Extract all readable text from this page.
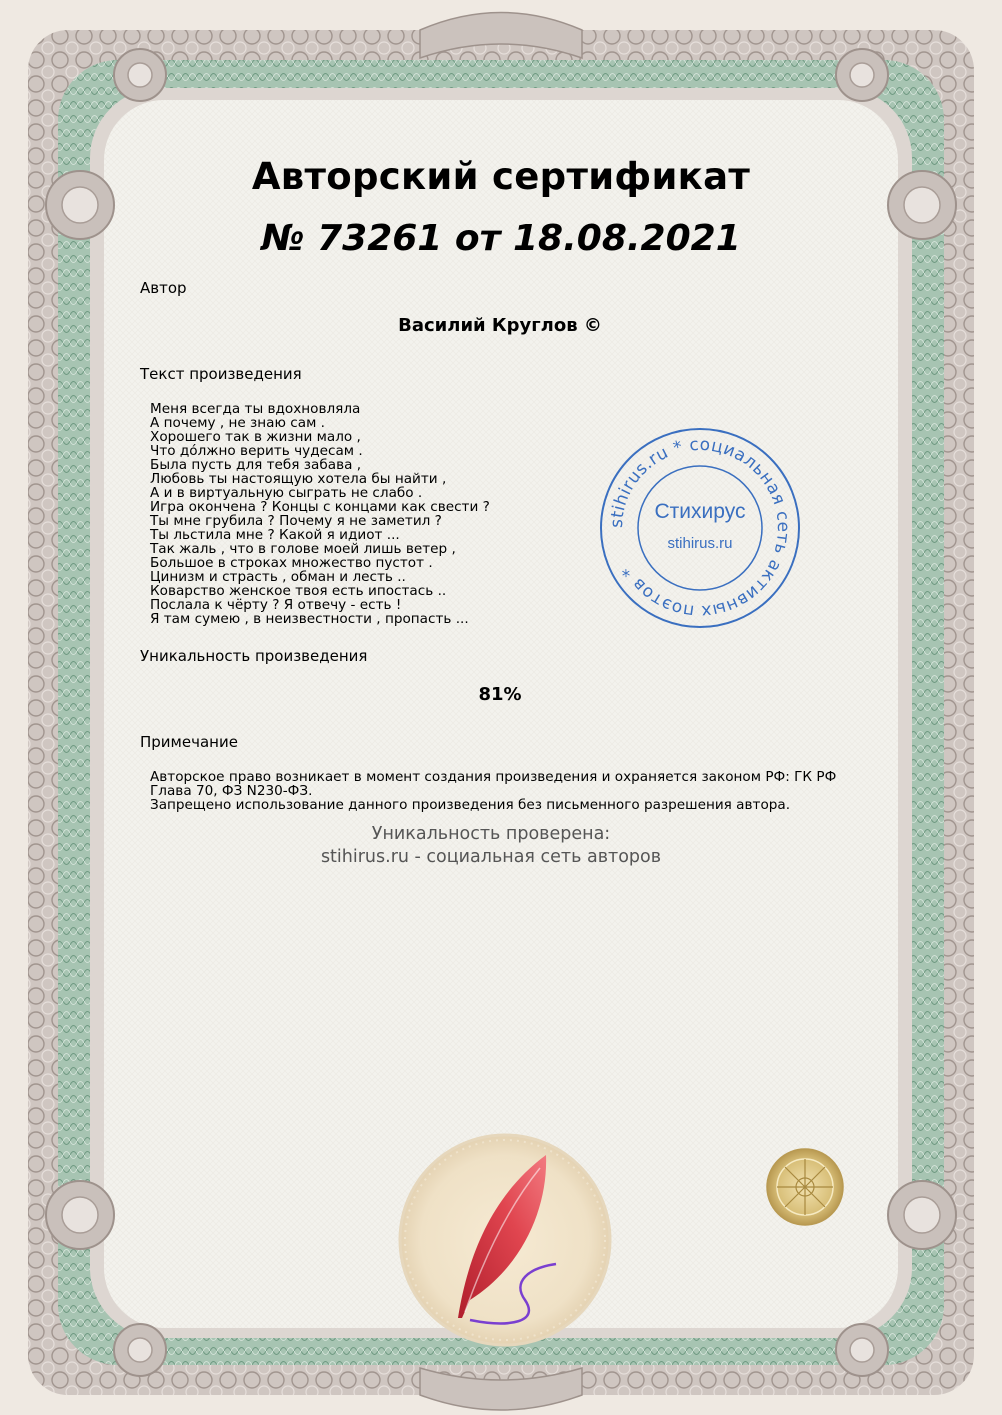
Авторский сертификат
№ 73261 от 18.08.2021
Автор
Василий Круглов ©
Текст произведения
Меня всегда ты вдохновляла
А почему , не знаю сам .
Хорошего так в жизни мало ,
Что до́лжно верить чудесам .
Была пусть для тебя забава ,
Любовь ты настоящую хотела бы найти ,
А и в виртуальную сыграть не слабо .
Игра окончена ? Концы с концами как свести ?
Ты мне грубила ? Почему я не заметил ?
Ты льстила мне ? Какой я идиот ...
Так жаль , что в голове моей лишь ветер ,
Большое в строках множество пустот .
Цинизм и страсть , обман и лесть ..
Коварство женское твоя есть ипостась ..
Послала к чёрту ? Я отвечу - есть !
Я там сумею , в неизвестности , пропасть ...
stihirus.ru * социальная сеть активных поэтов *
Стихирус
stihirus.ru
Уникальность произведения
81%
Примечание
Авторское право возникает в момент создания произведения и охраняется законом РФ: ГК РФ Глава 70, ФЗ N230-ФЗ.
Запрещено использование данного произведения без письменного разрешения автора.
Уникальность проверена:
stihirus.ru - социальная сеть авторов
